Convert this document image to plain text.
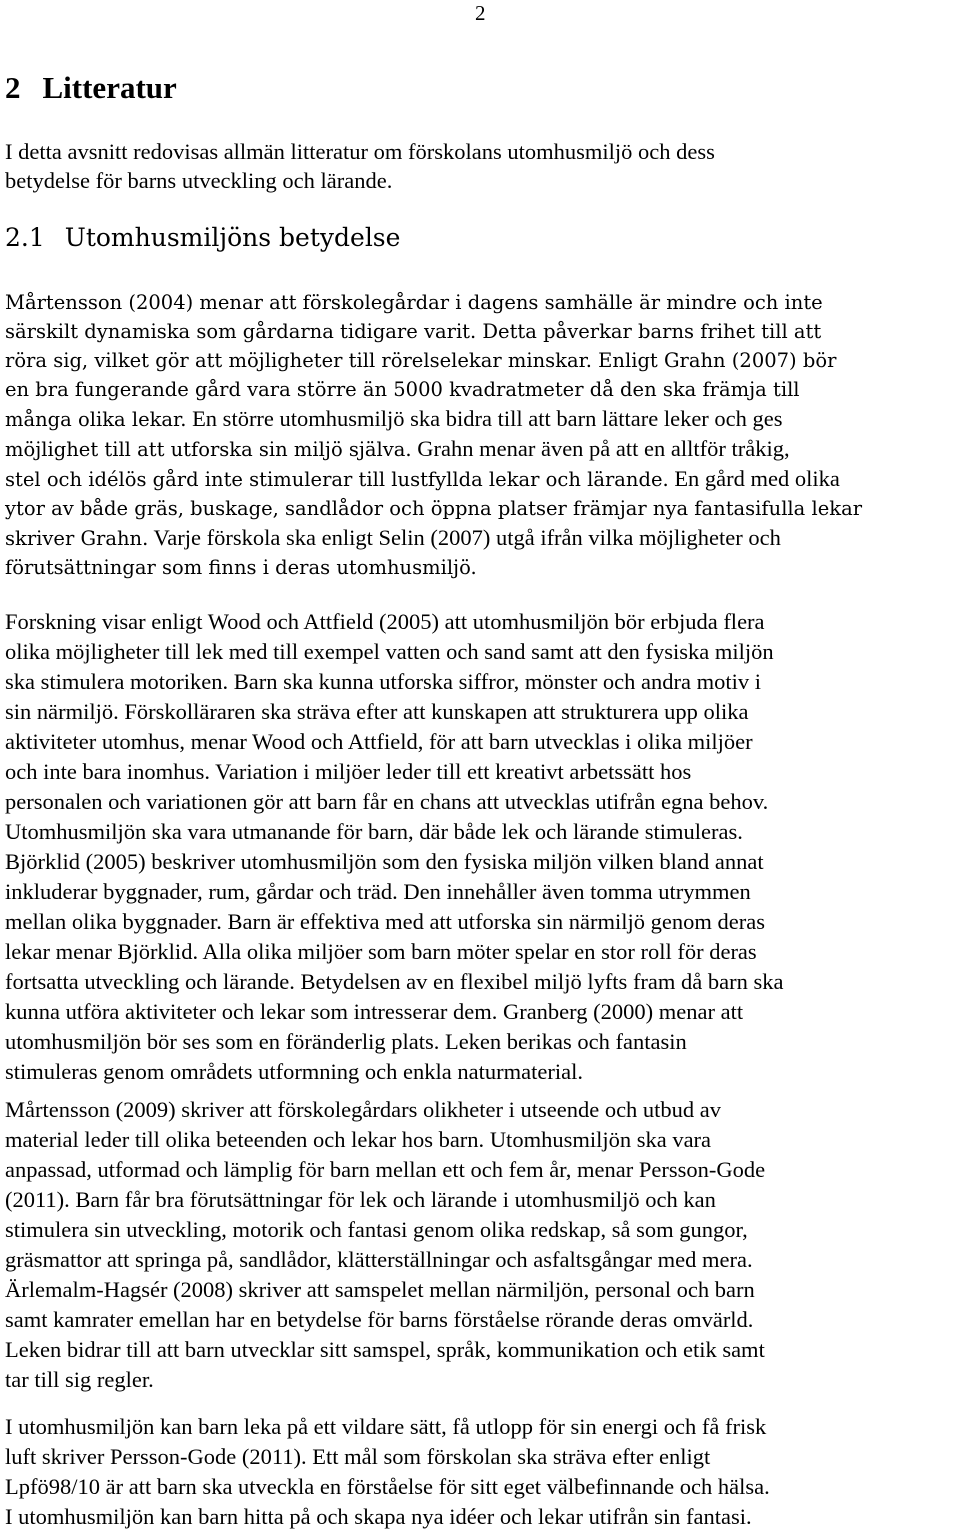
2
2 Litteratur
I detta avsnitt redovisas allmän litteratur om förskolans utomhusmiljö och dess
betydelse för barns utveckling och lärande.
2.1 Utomhusmiljöns betydelse

Mårtensson (2004) menar att förskolegårdar i dagens samhälle är mindre och inte
särskilt dynamiska som gårdarna tidigare varit. Detta påverkar barns frihet till att
röra sig, vilket gör att möjligheter till rörelselekar minskar. Enligt Grahn (2007) bör
en bra fungerande gård vara större än 5000 kvadratmeter då den ska främja till
många olika lekar. En större utomhusmiljö ska bidra till att barn lättare leker och ges
möjlighet till att utforska sin miljö själva. Grahn menar även på att en alltför tråkig,
stel och idélös gård inte stimulerar till lustfyllda lekar och lärande. En gård med olika
ytor av både gräs, buskage, sandlådor och öppna platser främjar nya fantasifulla lekar
skriver Grahn. Varje förskola ska enligt Selin (2007) utgå ifrån vilka möjligheter och
förutsättningar som finns i deras utomhusmiljö.

Forskning visar enligt Wood och Attfield (2005) att utomhusmiljön bör erbjuda flera
olika möjligheter till lek med till exempel vatten och sand samt att den fysiska miljön
ska stimulera motoriken. Barn ska kunna utforska siffror, mönster och andra motiv i
sin närmiljö. Förskolläraren ska sträva efter att kunskapen att strukturera upp olika
aktiviteter utomhus, menar Wood och Attfield, för att barn utvecklas i olika miljöer
och inte bara inomhus. Variation i miljöer leder till ett kreativt arbetssätt hos
personalen och variationen gör att barn får en chans att utvecklas utifrån egna behov.
Utomhusmiljön ska vara utmanande för barn, där både lek och lärande stimuleras.
Björklid (2005) beskriver utomhusmiljön som den fysiska miljön vilken bland annat
inkluderar byggnader, rum, gårdar och träd. Den innehåller även tomma utrymmen
mellan olika byggnader. Barn är effektiva med att utforska sin närmiljö genom deras
lekar menar Björklid. Alla olika miljöer som barn möter spelar en stor roll för deras
fortsatta utveckling och lärande. Betydelsen av en flexibel miljö lyfts fram då barn ska
kunna utföra aktiviteter och lekar som intresserar dem. Granberg (2000) menar att
utomhusmiljön bör ses som en föränderlig plats. Leken berikas och fantasin
stimuleras genom områdets utformning och enkla naturmaterial.

Mårtensson (2009) skriver att förskolegårdars olikheter i utseende och utbud av
material leder till olika beteenden och lekar hos barn. Utomhusmiljön ska vara
anpassad, utformad och lämplig för barn mellan ett och fem år, menar Persson-Gode
(2011). Barn får bra förutsättningar för lek och lärande i utomhusmiljö och kan
stimulera sin utveckling, motorik och fantasi genom olika redskap, så som gungor,
gräsmattor att springa på, sandlådor, klätterställningar och asfaltsgångar med mera.
Ärlemalm-Hagsér (2008) skriver att samspelet mellan närmiljön, personal och barn
samt kamrater emellan har en betydelse för barns förståelse rörande deras omvärld.
Leken bidrar till att barn utvecklar sitt samspel, språk, kommunikation och etik samt
tar till sig regler.

I utomhusmiljön kan barn leka på ett vildare sätt, få utlopp för sin energi och få frisk
luft skriver Persson-Gode (2011). Ett mål som förskolan ska sträva efter enligt
Lpfö98/10 är att barn ska utveckla en förståelse för sitt eget välbefinnande och hälsa.
I utomhusmiljön kan barn hitta på och skapa nya idéer och lekar utifrån sin fantasi.
